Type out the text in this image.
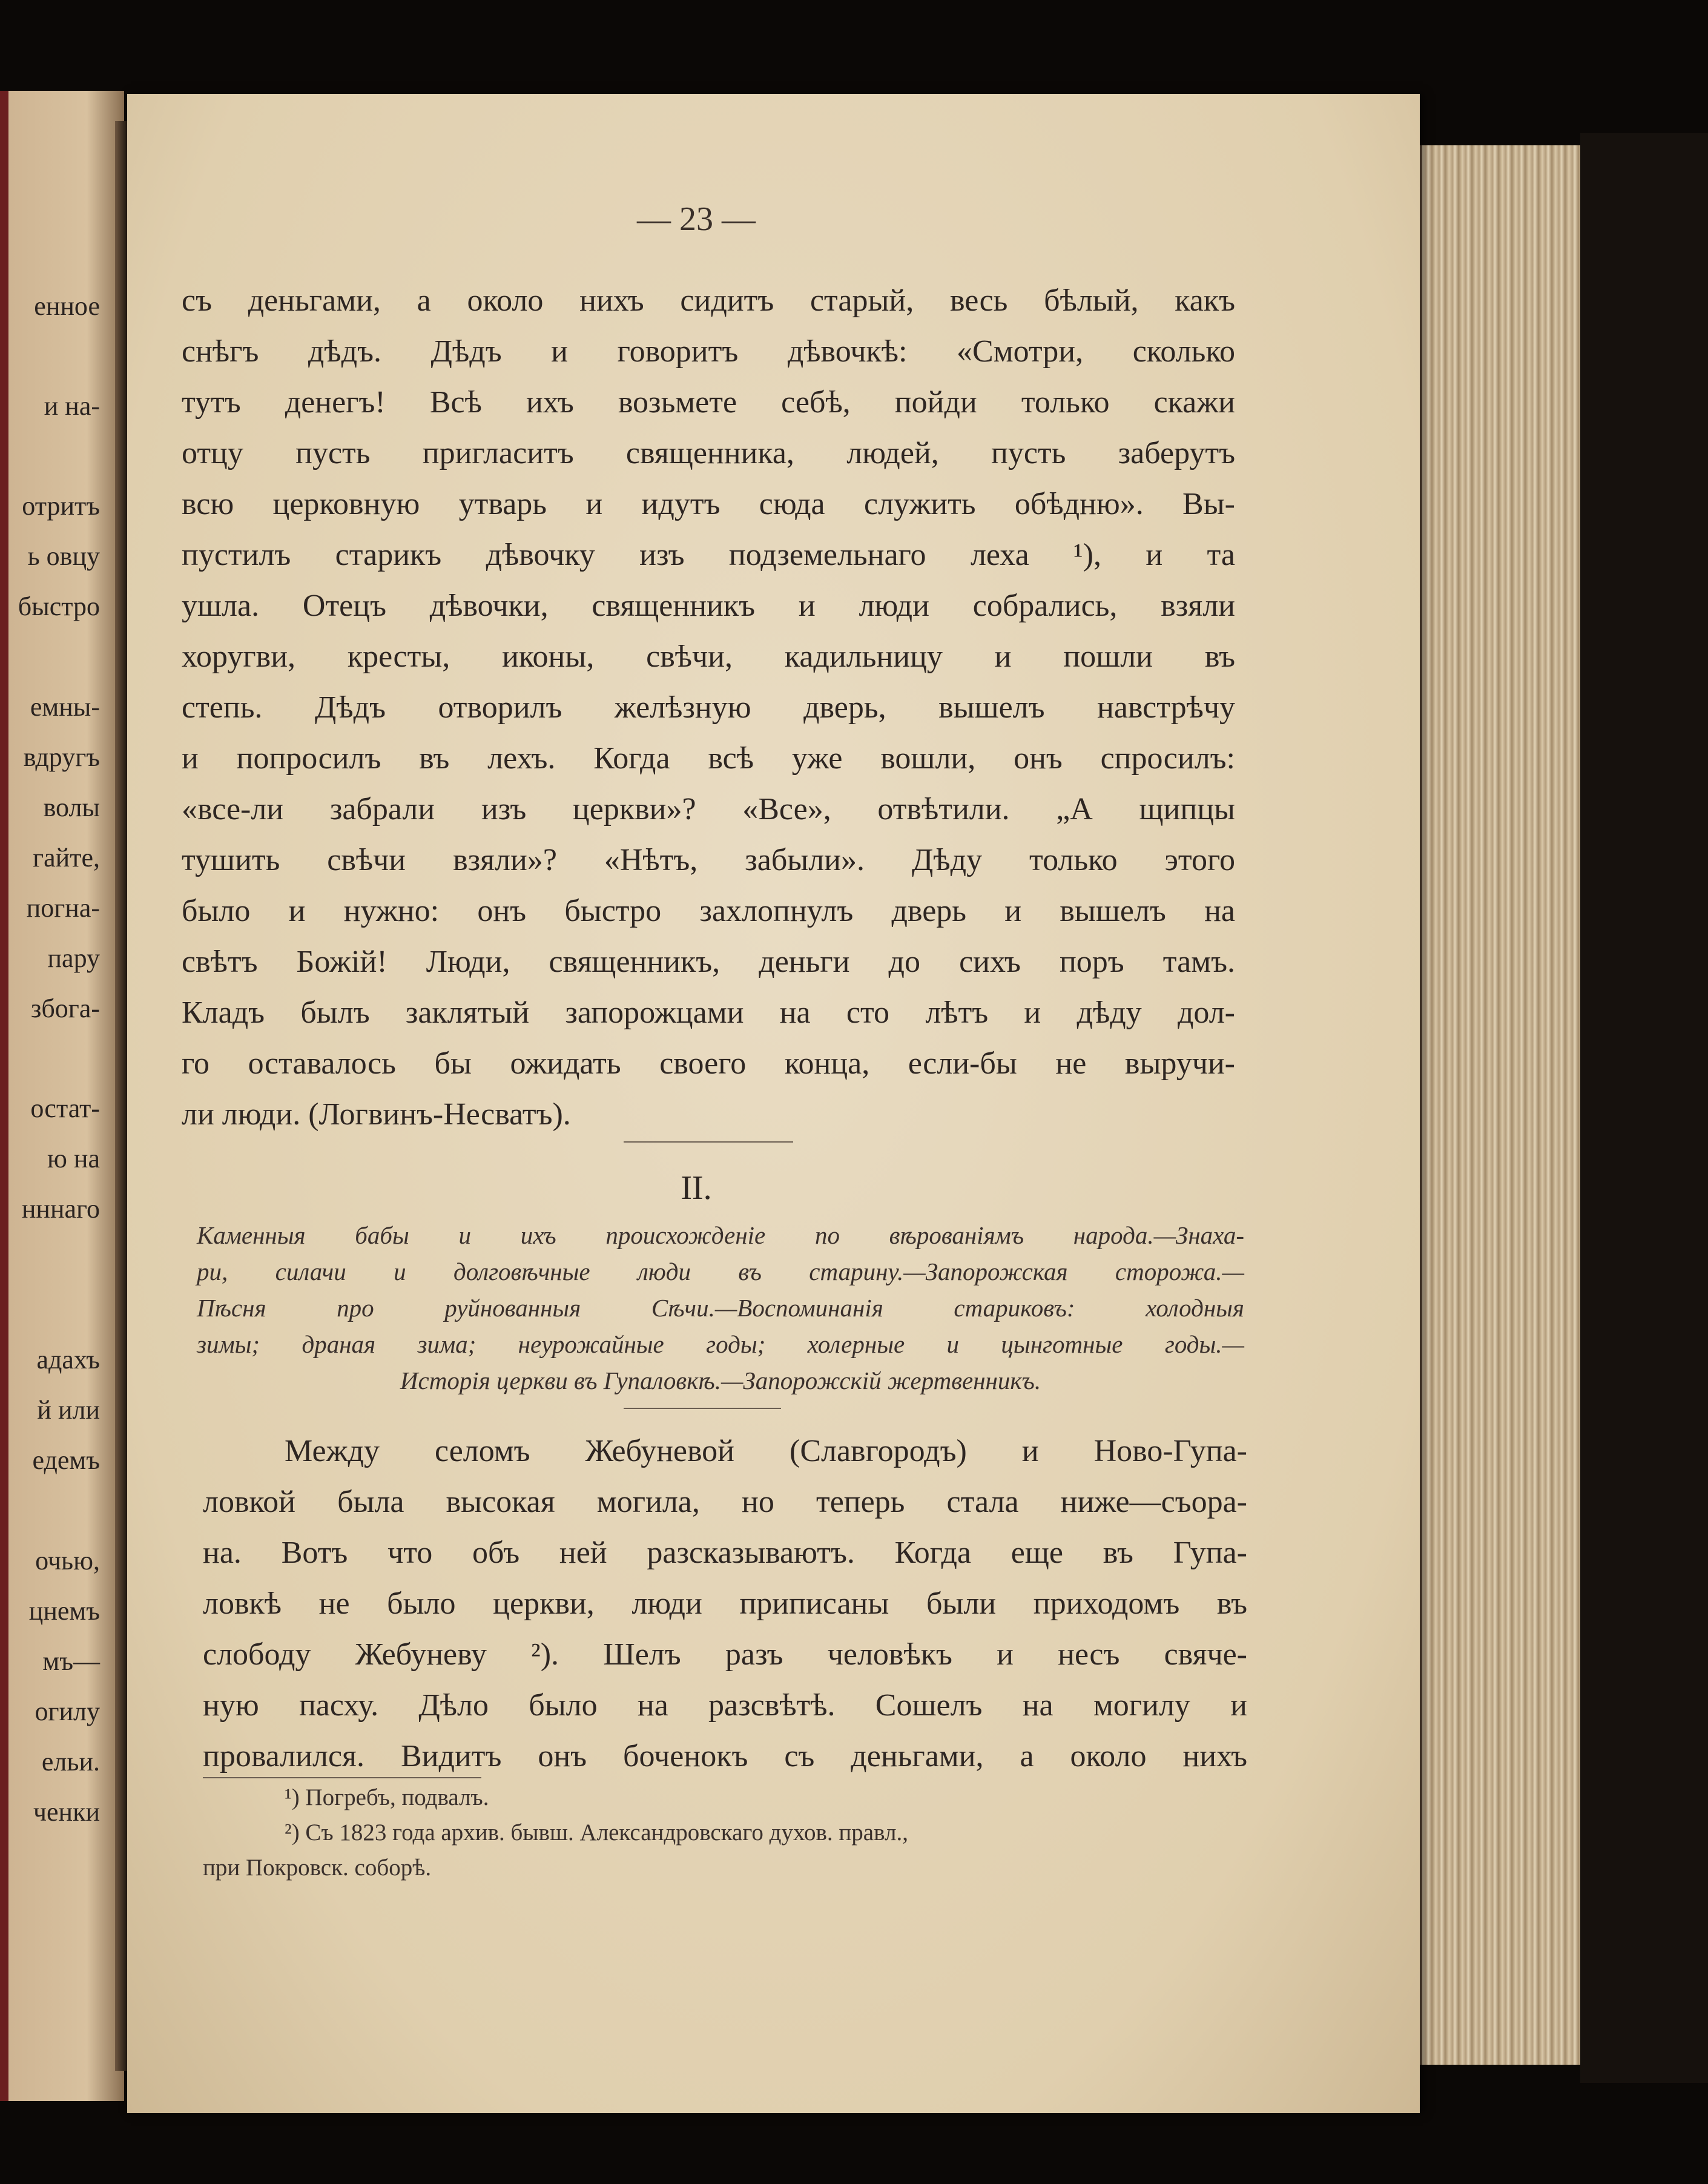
енное
и на-
отритъ
ь овцу
быстро
емны-
вдругъ
волы
гайте,
погна-
пару
збога-
остат-
ю на
нннаго
адахъ
й или
едемъ
очью,
цнемъ
мъ—
огилу
ельи.
ченки
— 23 —
съ деньгами, а около нихъ сидитъ старый, весь бѣлый, какъ
снѣгъ дѣдъ. Дѣдъ и говоритъ дѣвочкѣ: «Смотри, сколько
тутъ денегъ! Всѣ ихъ возьмете себѣ, пойди только скажи
отцу пусть пригласитъ священника, людей, пусть заберутъ
всю церковную утварь и идутъ сюда служить обѣдню». Вы-
пустилъ старикъ дѣвочку изъ подземельнаго леха ¹), и та
ушла. Отецъ дѣвочки, священникъ и люди собрались, взяли
хоругви, кресты, иконы, свѣчи, кадильницу и пошли въ
степь. Дѣдъ отворилъ желѣзную дверь, вышелъ навстрѣчу
и попросилъ въ лехъ. Когда всѣ уже вошли, онъ спросилъ:
«все-ли забрали изъ церкви»? «Все», отвѣтили. „А щипцы
тушить свѣчи взяли»? «Нѣтъ, забыли». Дѣду только этого
было и нужно: онъ быстро захлопнулъ дверь и вышелъ на
свѣтъ Божій! Люди, священникъ, деньги до сихъ поръ тамъ.
Кладъ былъ заклятый запорожцами на сто лѣтъ и дѣду дол-
го оставалось бы ожидать своего конца, если-бы не выручи-
ли люди. (Логвинъ-Несватъ).
II.
Каменныя бабы и ихъ происхожденіе по вѣрованіямъ народа.—Знаха-
ри, силачи и долговѣчные люди въ старину.—Запорожская сторожа.—
Пѣсня про руйнованныя Сѣчи.—Воспоминанія стариковъ: холодныя
зимы; драная зима; неурожайные годы; холерные и цынготные годы.—
Исторія церкви въ Гупаловкѣ.—Запорожскій жертвенникъ.
Между селомъ Жебуневой (Славгородъ) и Ново-Гупа-
ловкой была высокая могила, но теперь стала ниже—съора-
на. Вотъ что объ ней разсказываютъ. Когда еще въ Гупа-
ловкѣ не было церкви, люди приписаны были приходомъ въ
слободу Жебуневу ²). Шелъ разъ человѣкъ и несъ свяче-
ную пасху. Дѣло было на разсвѣтѣ. Сошелъ на могилу и
провалился. Видитъ онъ боченокъ съ деньгами, а около нихъ
¹) Погребъ, подвалъ.
²) Съ 1823 года архив. бывш. Александровскаго духов. правл.,
при Покровск. соборѣ.
